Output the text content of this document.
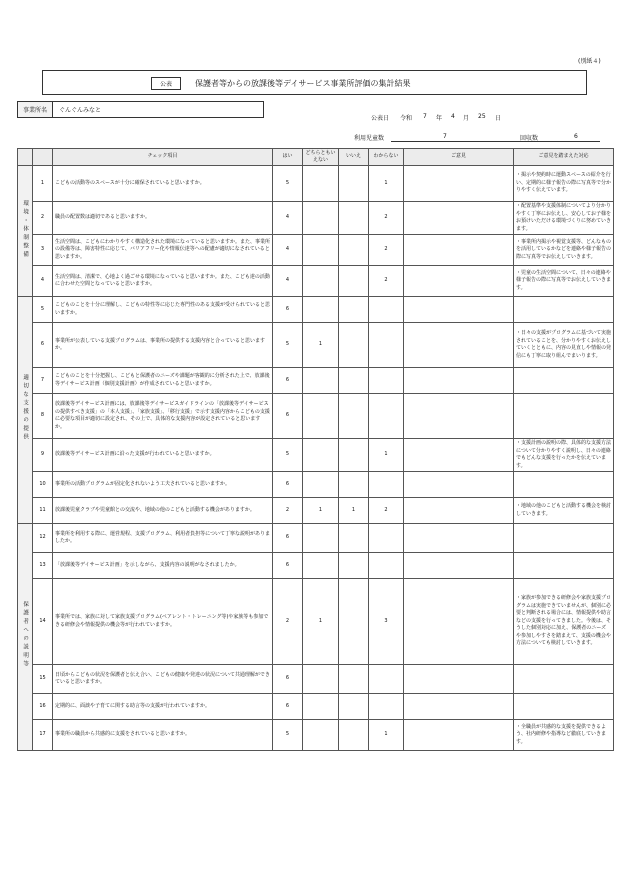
(別紙４)
公表	保護者等からの放課後等デイサービス事業所評価の集計結果
事業所名	ぐんぐんみなと
公表日 令和 7 年 4 月 25 日
利用児童数	7	回収数	6
		チェック項目	はい	どちらともいえない	いいえ	わからない	ご意見	ご意見を踏まえた対応
環境・体制整備	1	こどもの活動等のスペースが十分に確保されていると思いますか。	5			1		・掲示や契約時に運動スペースの紹介を行い、定期的に様子報告の際に写真等で分かりやすく伝えています。
	2	職員の配置数は適切であると思いますか。	4			2		・配置基準や支援体制についてより分かりやすく丁寧にお伝えし、安心してお子様をお預けいただける環境づくりに努めていきます。
	3	生活空間は、こどもにわかりやすく構造化された環境になっていると思いますか。また、事業所の設備等は、障害特性に応じて、バリアフリー化や情報伝達等への配慮が適切になされていると思いますか。	4			2		・事業所内掲示や視覚支援等、どんなものを活用しているかなどを連絡や様子報告の際に写真等でお伝えしていきます。
	4	生活空間は、清潔で、心地よく過ごせる環境になっていると思いますか。また、こども達の活動に合わせた空間となっていると思いますか。	4			2		・児童の生活空間について、日々の連絡や様子報告の際に写真等でお伝えしていきます。
適切な支援の提供	5	こどものことを十分に理解し、こどもの特性等に応じた専門性のある支援が受けられていると思いますか。	6					
	6	事業所が公表している支援プログラムは、事業所の提供する支援内容と合っていると思いますか。	5	1				・日々の支援がプログラムに基づいて実施されていることを、分かりやすくお伝えしていくとともに、内容の見直しや情報の発信にも丁寧に取り組んでまいります。
	7	こどものことを十分把握し、こどもと保護者のニーズや課題が客観的に分析された上で、放課後等デイサービス計画（個別支援計画）が作成されていると思いますか。	6					
	8	放課後等デイサービス計画には、放課後等デイサービスガイドラインの「放課後等デイサービスの提供すべき支援」の「本人支援」、「家族支援」、「移行支援」で示す支援内容からこどもの支援に必要な項目が適切に設定され、その上で、具体的な支援内容が設定されていると思いますか。	6					
	9	放課後等デイサービス計画に沿った支援が行われていると思いますか。	5			1		・支援計画の説明の際、具体的な支援方法について分かりやすく説明し、日々の連絡でもどんな支援を行ったかを伝えています。
	10	事業所の活動プログラムが固定化されないよう工夫されていると思いますか。	6					
	11	放課後児童クラブや児童館との交流や、地域の他のこどもと活動する機会がありますか。	2	1	1	2		・地域の他のこどもと活動する機会を検討していきます。
保護者への説明等	12	事業所を利用する際に、運営規程、支援プログラム、利用者負担等について丁寧な説明がありましたか。	6					
	13	「放課後等デイサービス計画」を示しながら、支援内容の説明がなされましたか。	6					
	14	事業所では、家族に対して家族支援プログラム(ペアレント・トレーニング等)や家族等も参加できる研修会や情報提供の機会等が行われていますか。	2	1		3		・家族が参加できる研修会や家族支援プログラムは実施できていませんが、個別に必要と判断される場合には、情報提供や助言などの支援を行ってきました。今後は、そうした個別対応に加え、保護者のニーズや参加しやすさを踏まえて、支援の機会や方法についても検討していきます。
	15	日頃からこどもの状況を保護者と伝え合い、こどもの健康や発達の状況について共通理解ができていると思いますか。	6					
	16	定期的に、面談や子育てに関する助言等の支援が行われていますか。	6					
	17	事業所の職員から共感的に支援をされていると思いますか。	5			1		・全職員が共感的な支援を提供できるよう、社内研修や指導など徹底していきます。
